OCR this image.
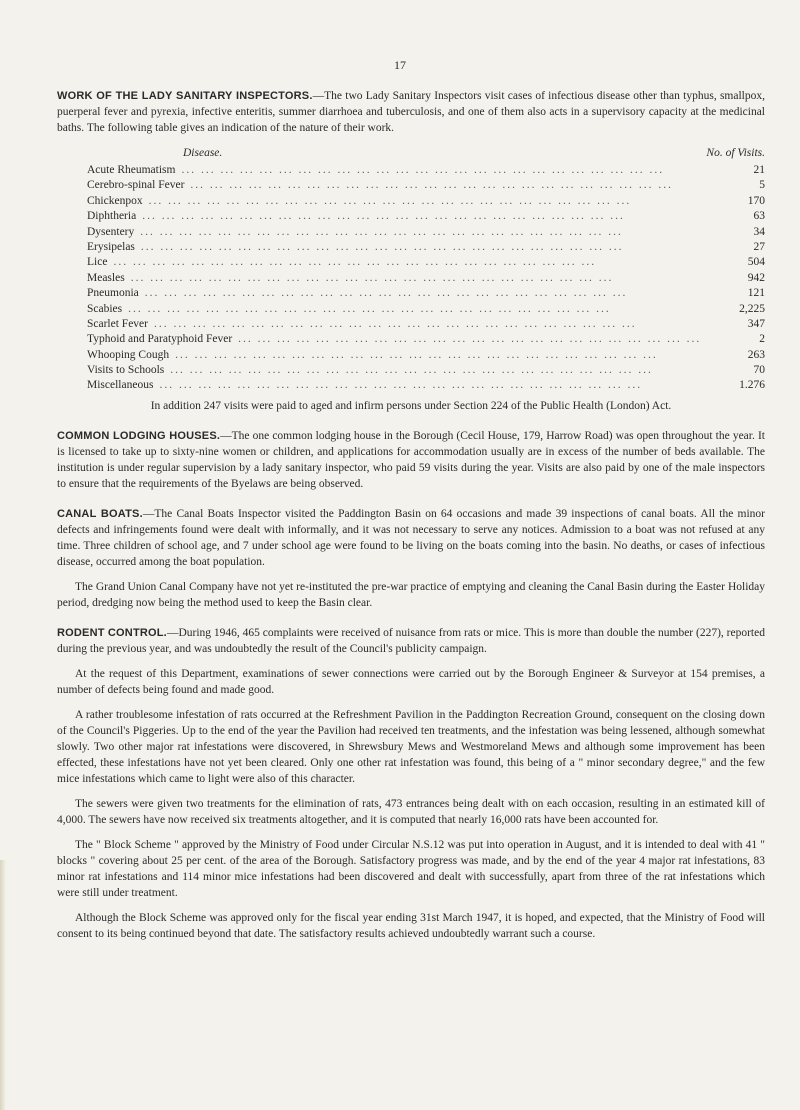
17

WORK OF THE LADY SANITARY INSPECTORS.—The two Lady Sanitary Inspectors visit cases of infectious disease other than typhus, smallpox, puerperal fever and pyrexia, infective enteritis, summer diarrhoea and tuberculosis, and one of them also acts in a supervisory capacity at the medicinal baths. The following table gives an indication of the nature of their work.

Disease.	No. of Visits.
Acute Rheumatism ... .	21
Cerebro-spinal Fever ... .	5
Chickenpox ... .	170
Diphtheria ... .	63
Dysentery ... .	34
Erysipelas ... .	27
Lice ... .	504
Measles ... .	942
Pneumonia ... .	121
Scabies ... .	2,225
Scarlet Fever ... .	347
Typhoid and Paratyphoid Fever ... .	2
Whooping Cough ... .	263
Visits to Schools ... .	70
Miscellaneous ... .	1.276

In addition 247 visits were paid to aged and infirm persons under Section 224 of the Public Health (London) Act.

COMMON LODGING HOUSES.—The one common lodging house in the Borough (Cecil House, 179, Harrow Road) was open throughout the year. It is licensed to take up to sixty-nine women or children, and applications for accommodation usually are in excess of the number of beds available. The institution is under regular supervision by a lady sanitary inspector, who paid 59 visits during the year. Visits are also paid by one of the male inspectors to ensure that the requirements of the Byelaws are being observed.

CANAL BOATS.—The Canal Boats Inspector visited the Paddington Basin on 64 occasions and made 39 inspections of canal boats. All the minor defects and infringements found were dealt with informally, and it was not necessary to serve any notices. Admission to a boat was not refused at any time. Three children of school age, and 7 under school age were found to be living on the boats coming into the basin. No deaths, or cases of infectious disease, occurred among the boat population.

The Grand Union Canal Company have not yet re-instituted the pre-war practice of emptying and cleaning the Canal Basin during the Easter Holiday period, dredging now being the method used to keep the Basin clear.

RODENT CONTROL.—During 1946, 465 complaints were received of nuisance from rats or mice. This is more than double the number (227), reported during the previous year, and was undoubtedly the result of the Council's publicity campaign.

At the request of this Department, examinations of sewer connections were carried out by the Borough Engineer & Surveyor at 154 premises, a number of defects being found and made good.

A rather troublesome infestation of rats occurred at the Refreshment Pavilion in the Paddington Recreation Ground, consequent on the closing down of the Council's Piggeries. Up to the end of the year the Pavilion had received ten treatments, and the infestation was being lessened, although somewhat slowly. Two other major rat infestations were discovered, in Shrewsbury Mews and Westmoreland Mews and although some improvement has been effected, these infestations have not yet been cleared. Only one other rat infestation was found, this being of a " minor secondary degree," and the few mice infestations which came to light were also of this character.

The sewers were given two treatments for the elimination of rats, 473 entrances being dealt with on each occasion, resulting in an estimated kill of 4,000. The sewers have now received six treatments altogether, and it is computed that nearly 16,000 rats have been accounted for.

The " Block Scheme " approved by the Ministry of Food under Circular N.S.12 was put into operation in August, and it is intended to deal with 41 " blocks " covering about 25 per cent. of the area of the Borough. Satisfactory progress was made, and by the end of the year 4 major rat infestations, 83 minor rat infestations and 114 minor mice infestations had been discovered and dealt with successfully, apart from three of the rat infestations which were still under treatment.

Although the Block Scheme was approved only for the fiscal year ending 31st March 1947, it is hoped, and expected, that the Ministry of Food will consent to its being continued beyond that date. The satisfactory results achieved undoubtedly warrant such a course.
